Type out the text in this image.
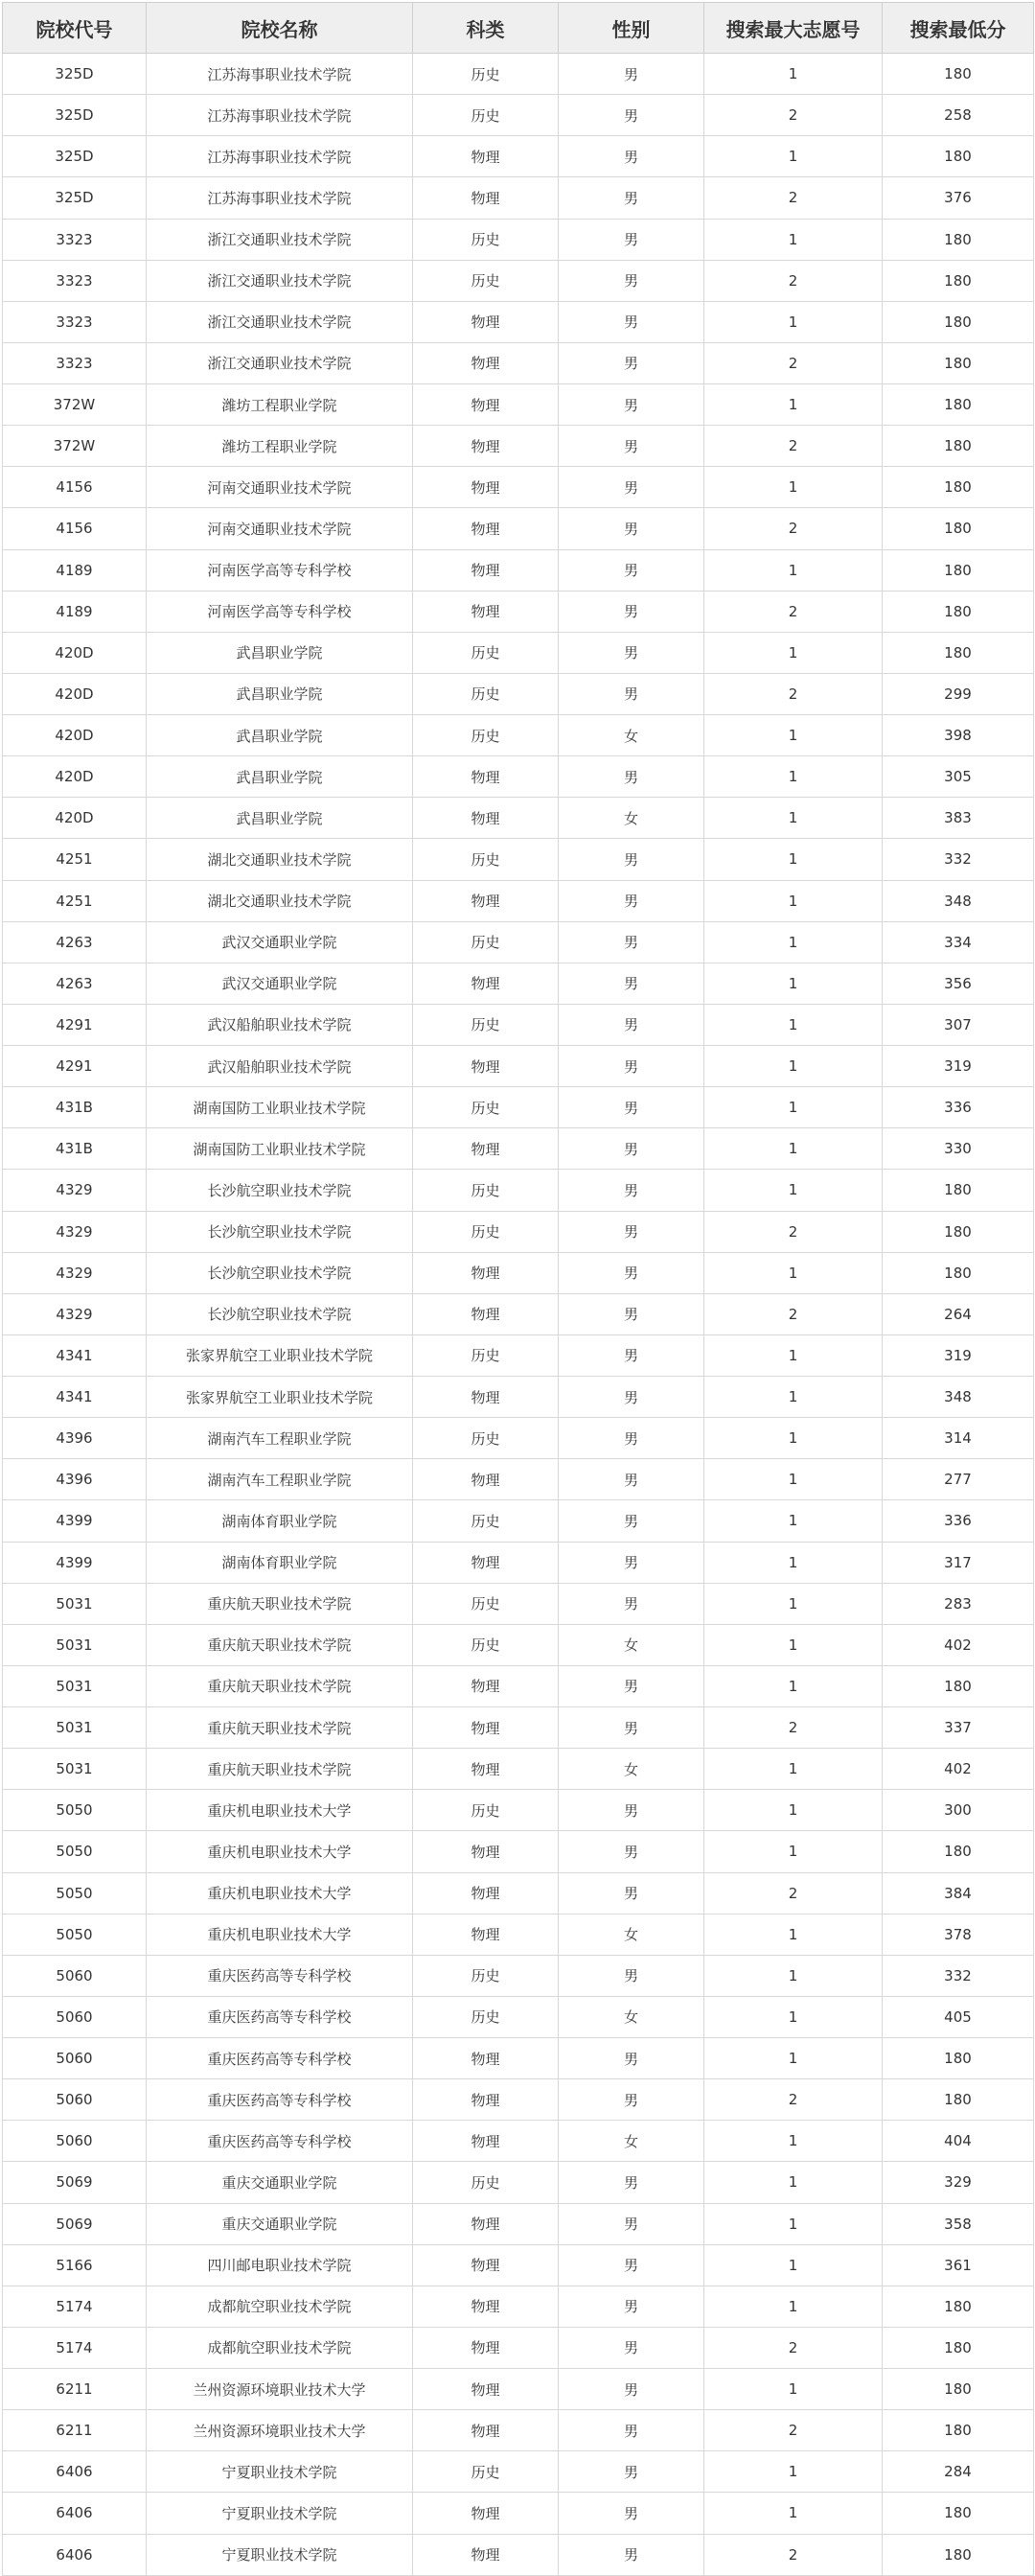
院校代号	院校名称	科类	性别	搜索最大志愿号	搜索最低分
325D	江苏海事职业技术学院	历史	男	1	180
325D	江苏海事职业技术学院	历史	男	2	258
325D	江苏海事职业技术学院	物理	男	1	180
325D	江苏海事职业技术学院	物理	男	2	376
3323	浙江交通职业技术学院	历史	男	1	180
3323	浙江交通职业技术学院	历史	男	2	180
3323	浙江交通职业技术学院	物理	男	1	180
3323	浙江交通职业技术学院	物理	男	2	180
372W	潍坊工程职业学院	物理	男	1	180
372W	潍坊工程职业学院	物理	男	2	180
4156	河南交通职业技术学院	物理	男	1	180
4156	河南交通职业技术学院	物理	男	2	180
4189	河南医学高等专科学校	物理	男	1	180
4189	河南医学高等专科学校	物理	男	2	180
420D	武昌职业学院	历史	男	1	180
420D	武昌职业学院	历史	男	2	299
420D	武昌职业学院	历史	女	1	398
420D	武昌职业学院	物理	男	1	305
420D	武昌职业学院	物理	女	1	383
4251	湖北交通职业技术学院	历史	男	1	332
4251	湖北交通职业技术学院	物理	男	1	348
4263	武汉交通职业学院	历史	男	1	334
4263	武汉交通职业学院	物理	男	1	356
4291	武汉船舶职业技术学院	历史	男	1	307
4291	武汉船舶职业技术学院	物理	男	1	319
431B	湖南国防工业职业技术学院	历史	男	1	336
431B	湖南国防工业职业技术学院	物理	男	1	330
4329	长沙航空职业技术学院	历史	男	1	180
4329	长沙航空职业技术学院	历史	男	2	180
4329	长沙航空职业技术学院	物理	男	1	180
4329	长沙航空职业技术学院	物理	男	2	264
4341	张家界航空工业职业技术学院	历史	男	1	319
4341	张家界航空工业职业技术学院	物理	男	1	348
4396	湖南汽车工程职业学院	历史	男	1	314
4396	湖南汽车工程职业学院	物理	男	1	277
4399	湖南体育职业学院	历史	男	1	336
4399	湖南体育职业学院	物理	男	1	317
5031	重庆航天职业技术学院	历史	男	1	283
5031	重庆航天职业技术学院	历史	女	1	402
5031	重庆航天职业技术学院	物理	男	1	180
5031	重庆航天职业技术学院	物理	男	2	337
5031	重庆航天职业技术学院	物理	女	1	402
5050	重庆机电职业技术大学	历史	男	1	300
5050	重庆机电职业技术大学	物理	男	1	180
5050	重庆机电职业技术大学	物理	男	2	384
5050	重庆机电职业技术大学	物理	女	1	378
5060	重庆医药高等专科学校	历史	男	1	332
5060	重庆医药高等专科学校	历史	女	1	405
5060	重庆医药高等专科学校	物理	男	1	180
5060	重庆医药高等专科学校	物理	男	2	180
5060	重庆医药高等专科学校	物理	女	1	404
5069	重庆交通职业学院	历史	男	1	329
5069	重庆交通职业学院	物理	男	1	358
5166	四川邮电职业技术学院	物理	男	1	361
5174	成都航空职业技术学院	物理	男	1	180
5174	成都航空职业技术学院	物理	男	2	180
6211	兰州资源环境职业技术大学	物理	男	1	180
6211	兰州资源环境职业技术大学	物理	男	2	180
6406	宁夏职业技术学院	历史	男	1	284
6406	宁夏职业技术学院	物理	男	1	180
6406	宁夏职业技术学院	物理	男	2	180
